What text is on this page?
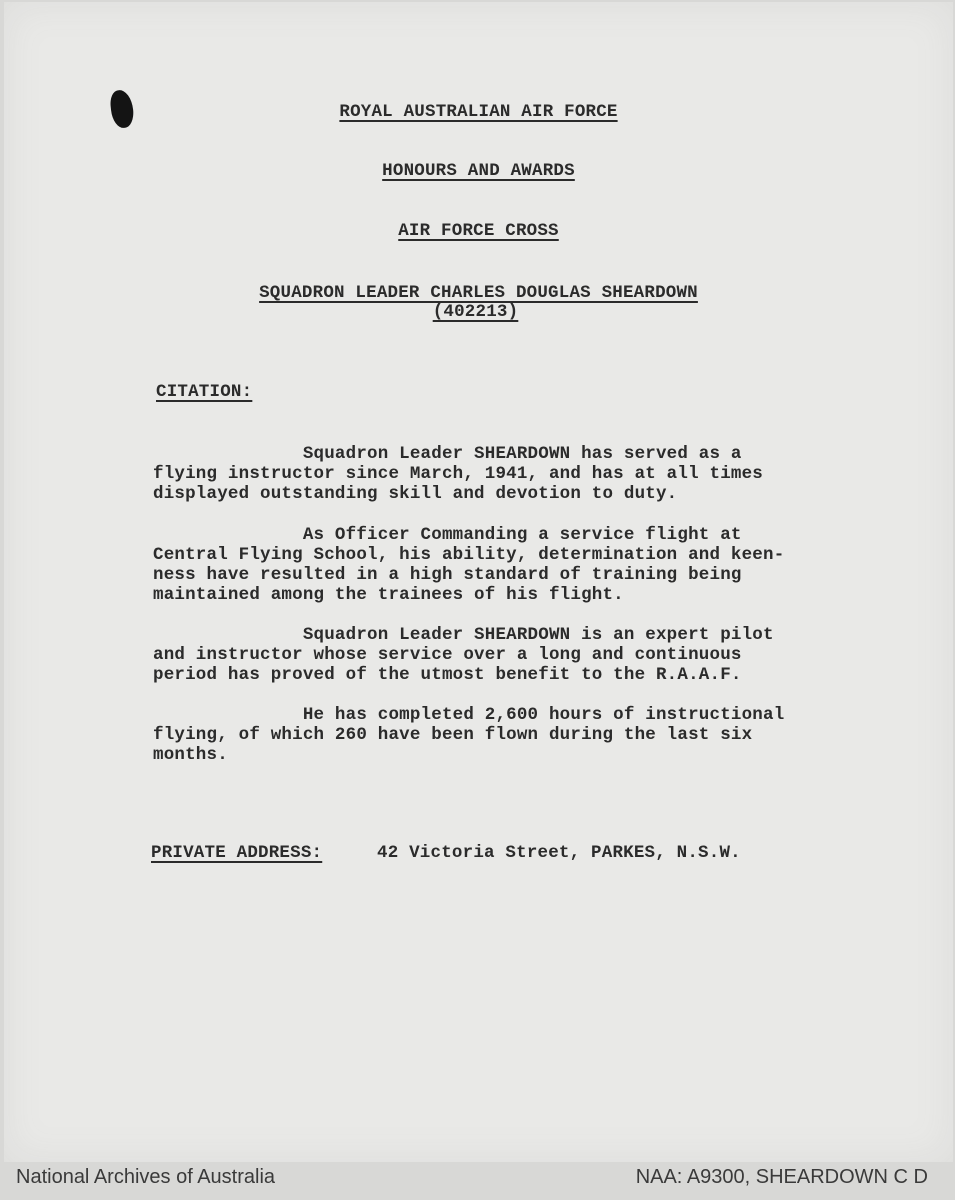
ROYAL AUSTRALIAN AIR FORCE

HONOURS AND AWARDS

AIR FORCE CROSS

SQUADRON LEADER CHARLES DOUGLAS SHEARDOWN

(402213)

CITATION:

Squadron Leader SHEARDOWN has served as a
flying instructor since March, 1941, and has at all times
displayed outstanding skill and devotion to duty.

As Officer Commanding a service flight at
Central Flying School, his ability, determination and keen-
ness have resulted in a high standard of training being
maintained among the trainees of his flight.

Squadron Leader SHEARDOWN is an expert pilot
and instructor whose service over a long and continuous
period has proved of the utmost benefit to the R.A.A.F.

He has completed 2,600 hours of instructional
flying, of which 260 have been flown during the last six
months.

PRIVATE ADDRESS:	42 Victoria Street, PARKES, N.S.W.

National Archives of Australia	NAA: A9300, SHEARDOWN C D
